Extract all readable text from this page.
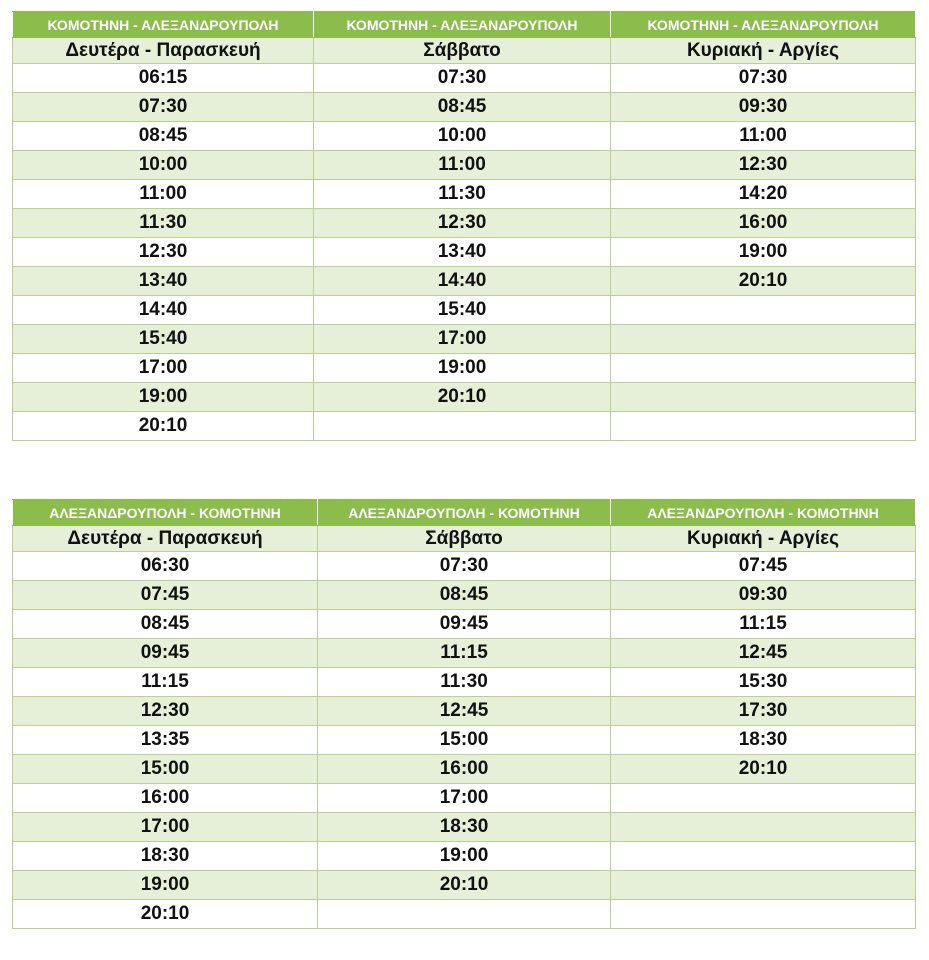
ΚΟΜΟΤΗΝΗ - ΑΛΕΞΑΝΔΡΟΥΠΟΛΗ	ΚΟΜΟΤΗΝΗ - ΑΛΕΞΑΝΔΡΟΥΠΟΛΗ	ΚΟΜΟΤΗΝΗ - ΑΛΕΞΑΝΔΡΟΥΠΟΛΗ
Δευτέρα - Παρασκευή	Σάββατο	Κυριακή - Αργίες
06:15	07:30	07:30
07:30	08:45	09:30
08:45	10:00	11:00
10:00	11:00	12:30
11:00	11:30	14:20
11:30	12:30	16:00
12:30	13:40	19:00
13:40	14:40	20:10
14:40	15:40	
15:40	17:00	
17:00	19:00	
19:00	20:10	
20:10		
ΑΛΕΞΑΝΔΡΟΥΠΟΛΗ - ΚΟΜΟΤΗΝΗ	ΑΛΕΞΑΝΔΡΟΥΠΟΛΗ - ΚΟΜΟΤΗΝΗ	ΑΛΕΞΑΝΔΡΟΥΠΟΛΗ - ΚΟΜΟΤΗΝΗ
Δευτέρα - Παρασκευή	Σάββατο	Κυριακή - Αργίες
06:30	07:30	07:45
07:45	08:45	09:30
08:45	09:45	11:15
09:45	11:15	12:45
11:15	11:30	15:30
12:30	12:45	17:30
13:35	15:00	18:30
15:00	16:00	20:10
16:00	17:00	
17:00	18:30	
18:30	19:00	
19:00	20:10	
20:10		
